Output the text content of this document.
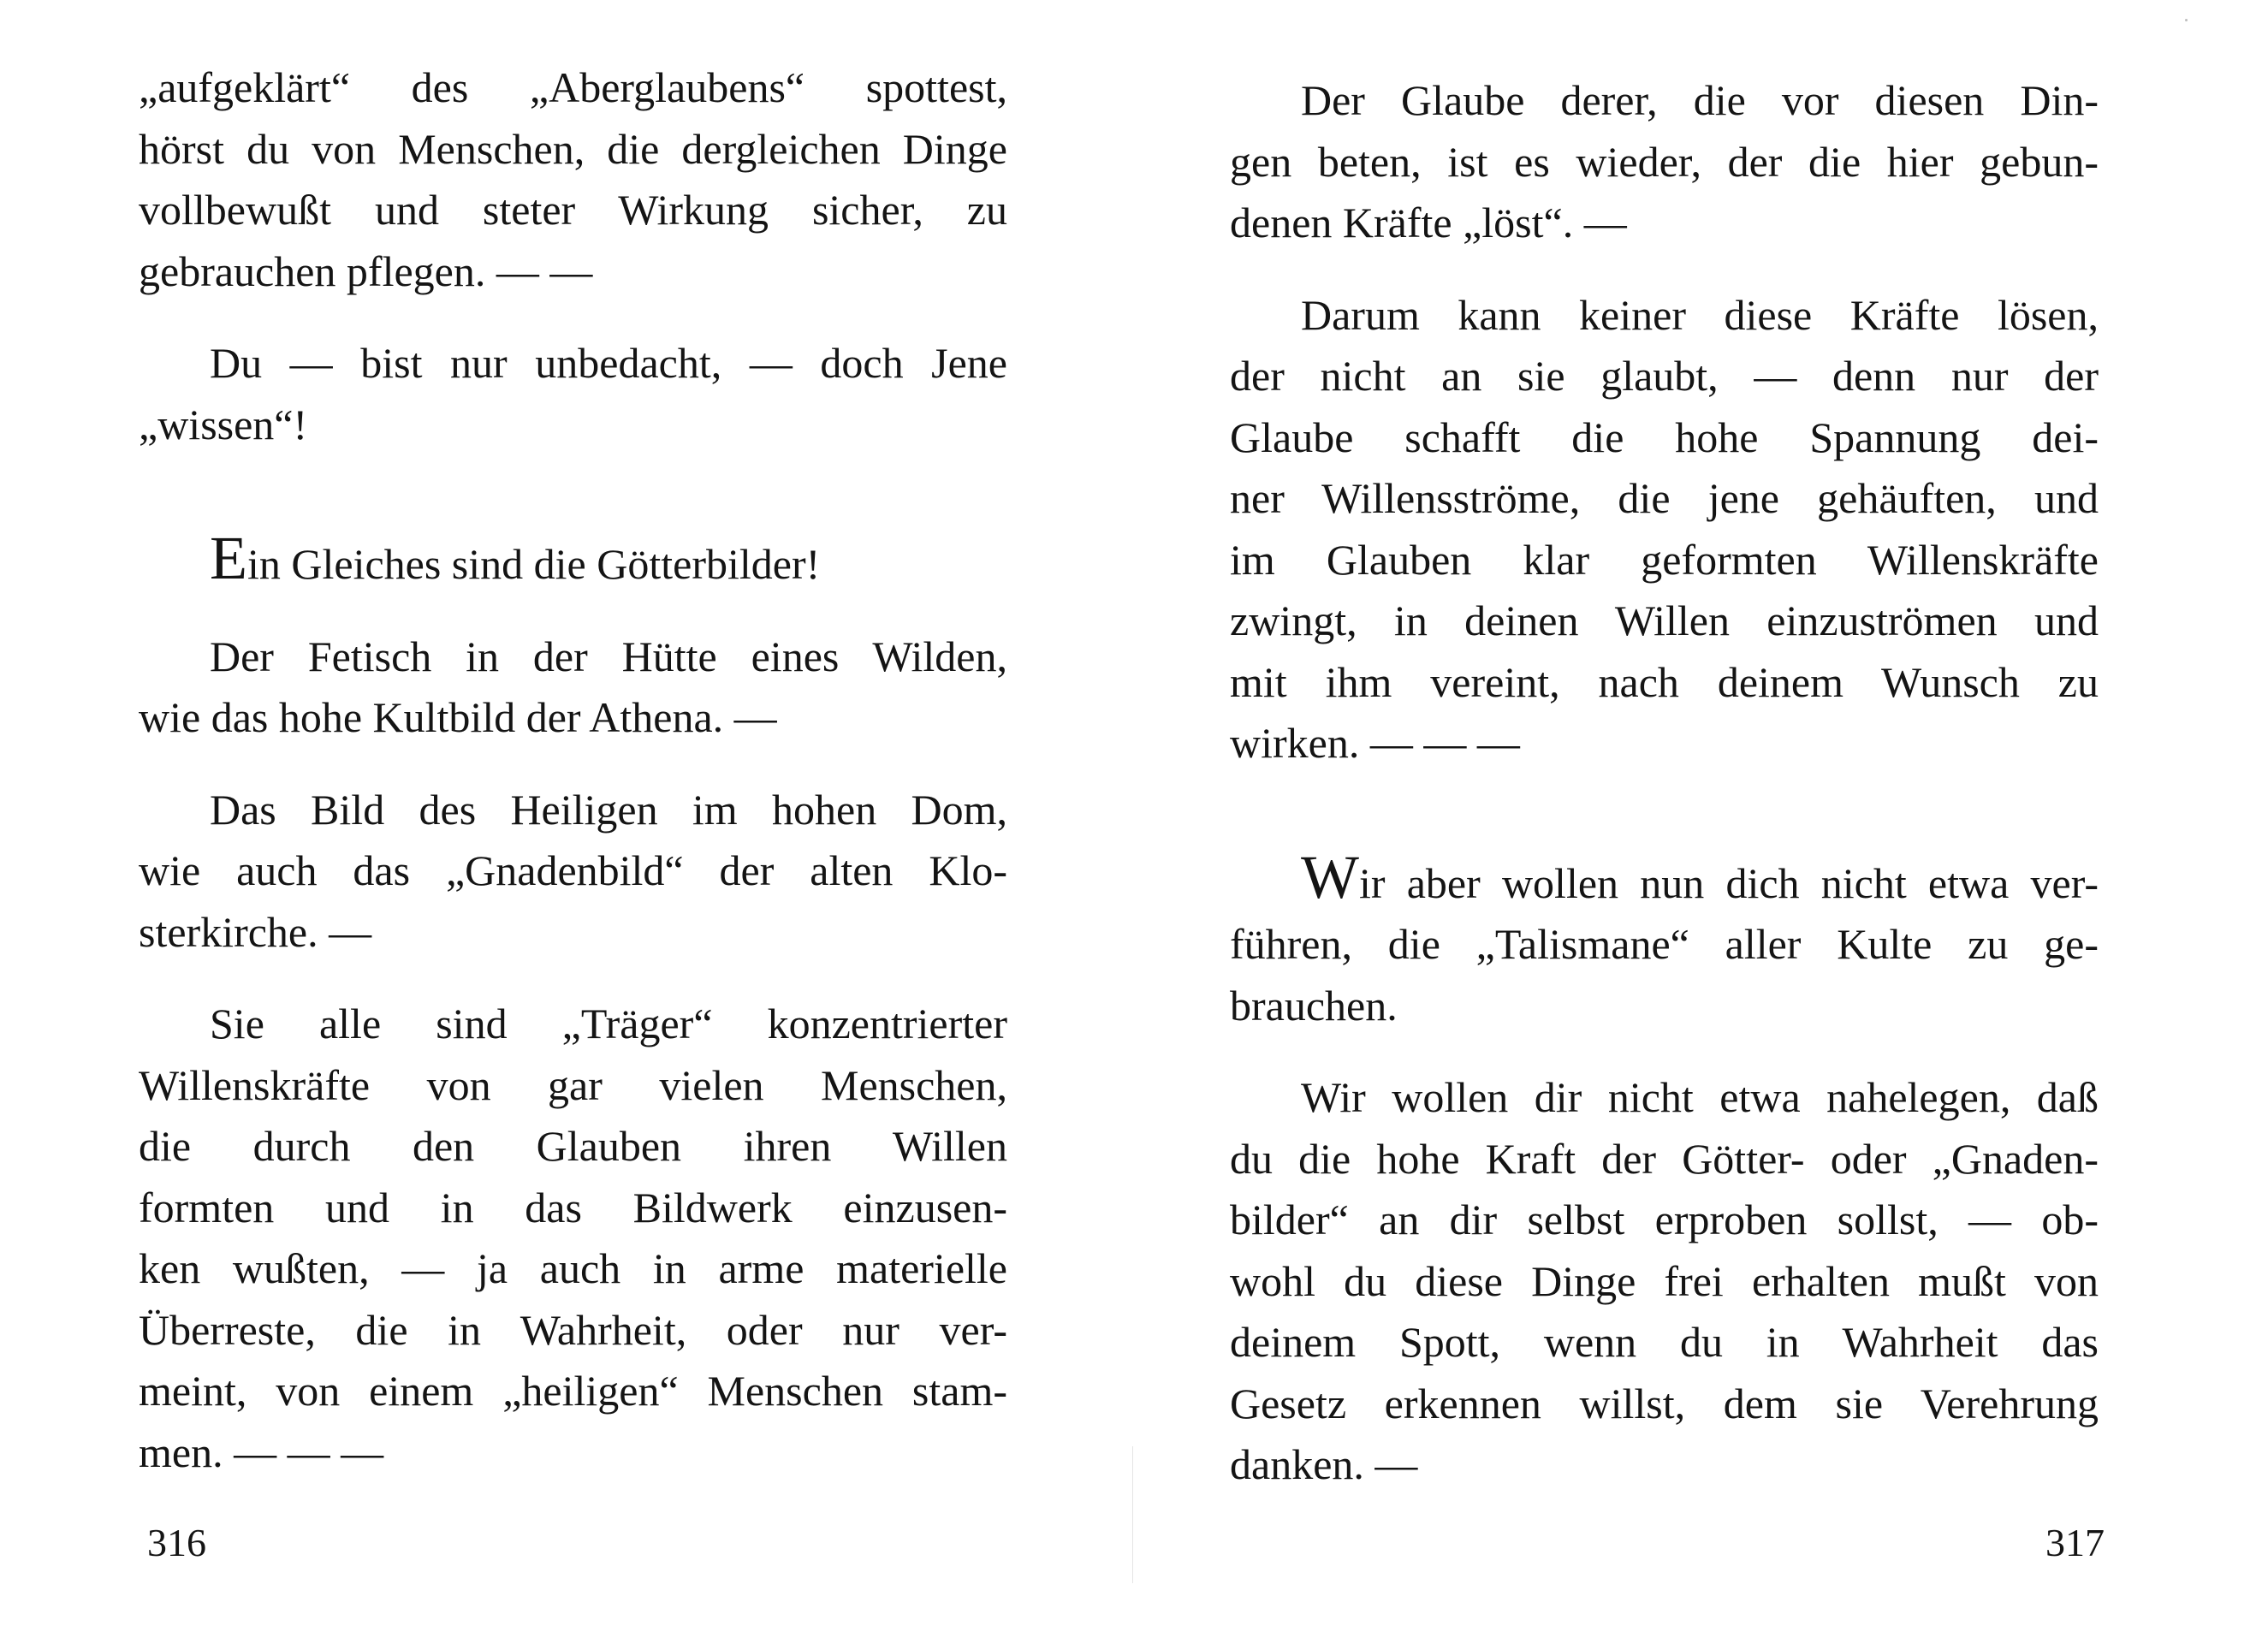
„aufgeklärt“ des „Aberglaubens“ spottest,
hörst du von Menschen, die dergleichen Dinge
vollbewußt und steter Wirkung sicher, zu
gebrauchen pflegen. — —
Du — bist nur unbedacht, — doch Jene
„wissen“!
Ein Gleiches sind die Götterbilder!
Der Fetisch in der Hütte eines Wilden,
wie das hohe Kultbild der Athena. —
Das Bild des Heiligen im hohen Dom,
wie auch das „Gnadenbild“ der alten Klo-
sterkirche. —
Sie alle sind „Träger“ konzentrierter
Willenskräfte von gar vielen Menschen,
die durch den Glauben ihren Willen
formten und in das Bildwerk einzusen-
ken wußten, — ja auch in arme materielle
Überreste, die in Wahrheit, oder nur ver-
meint, von einem „heiligen“ Menschen stam-
men. — — —
316
Der Glaube derer, die vor diesen Din-
gen beten, ist es wieder, der die hier gebun-
denen Kräfte „löst“. —
Darum kann keiner diese Kräfte lösen,
der nicht an sie glaubt, — denn nur der
Glaube schafft die hohe Spannung dei-
ner Willensströme, die jene gehäuften, und
im Glauben klar geformten Willenskräfte
zwingt, in deinen Willen einzuströmen und
mit ihm vereint, nach deinem Wunsch zu
wirken. — — —
Wir aber wollen nun dich nicht etwa ver-
führen, die „Talismane“ aller Kulte zu ge-
brauchen.
Wir wollen dir nicht etwa nahelegen, daß
du die hohe Kraft der Götter- oder „Gnaden-
bilder“ an dir selbst erproben sollst, — ob-
wohl du diese Dinge frei erhalten mußt von
deinem Spott, wenn du in Wahrheit das
Gesetz erkennen willst, dem sie Verehrung
danken. —
317
